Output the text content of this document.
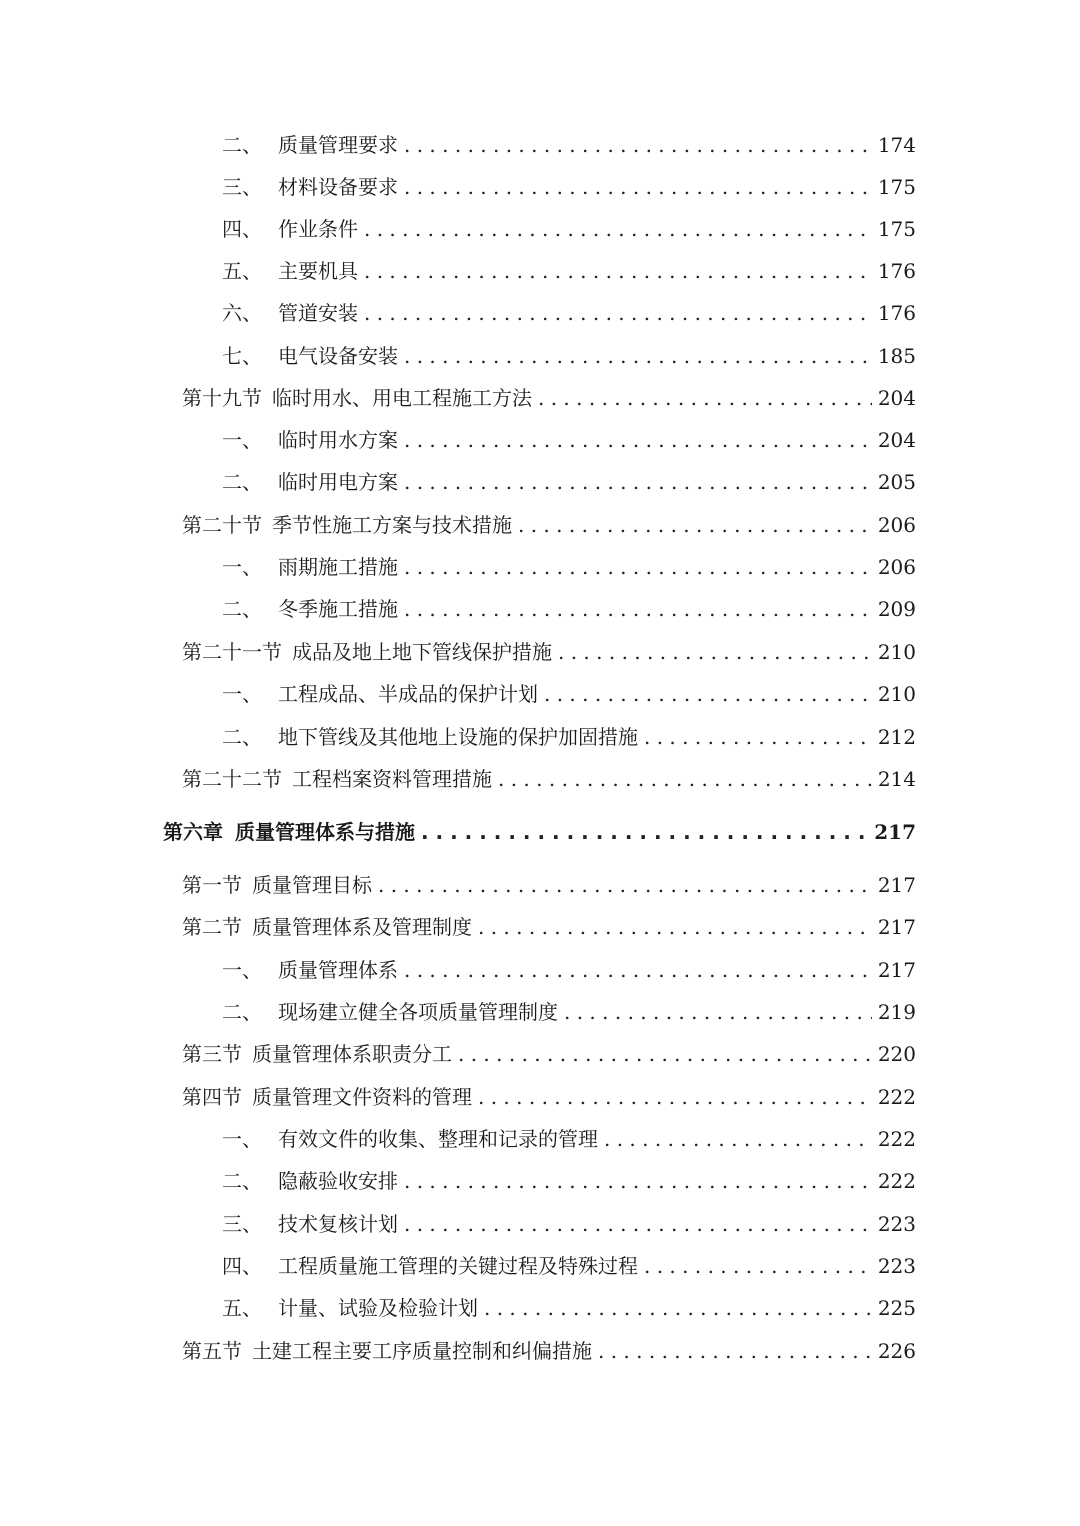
二、 质量管理要求 . . .	174
三、 材料设备要求 . . .	175
四、 作业条件 . . .	175
五、 主要机具 . . .	176
六、 管道安装 . . .	176
七、 电气设备安装 . . .	185
第十九节 临时用水、用电工程施工方法 . . .	204
一、 临时用水方案 . . .	204
二、 临时用电方案 . . .	205
第二十节 季节性施工方案与技术措施 . . .	206
一、 雨期施工措施 . . .	206
二、 冬季施工措施 . . .	209
第二十一节 成品及地上地下管线保护措施 . . .	210
一、 工程成品、半成品的保护计划 . . .	210
二、 地下管线及其他地上设施的保护加固措施 . . .	212
第二十二节 工程档案资料管理措施 . . .	214
第六章 质量管理体系与措施 . . .	217
第一节 质量管理目标 . . .	217
第二节 质量管理体系及管理制度 . . .	217
一、 质量管理体系 . . .	217
二、 现场建立健全各项质量管理制度 . . .	219
第三节 质量管理体系职责分工 . . .	220
第四节 质量管理文件资料的管理 . . .	222
一、 有效文件的收集、整理和记录的管理 . . .	222
二、 隐蔽验收安排 . . .	222
三、 技术复核计划 . . .	223
四、 工程质量施工管理的关键过程及特殊过程 . . .	223
五、 计量、试验及检验计划 . . .	225
第五节 土建工程主要工序质量控制和纠偏措施 . . .	226
